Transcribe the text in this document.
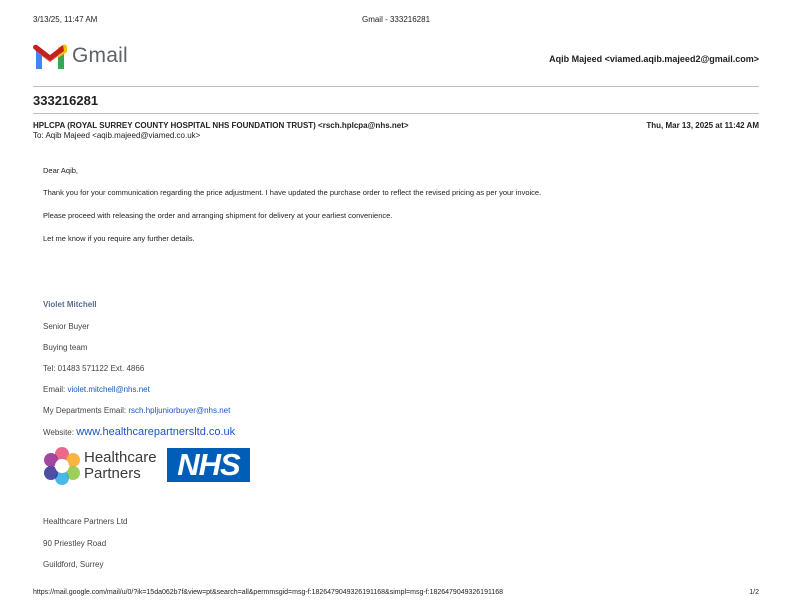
3/13/25, 11:47 AM	Gmail - 333216281
Gmail	Aqib Majeed <viamed.aqib.majeed2@gmail.com>
333216281
HPLCPA (ROYAL SURREY COUNTY HOSPITAL NHS FOUNDATION TRUST) <rsch.hplcpa@nhs.net>	Thu, Mar 13, 2025 at 11:42 AM
To: Aqib Majeed <aqib.majeed@viamed.co.uk>
Dear Aqib,
Thank you for your communication regarding the price adjustment. I have updated the purchase order to reflect the revised pricing as per your invoice.
Please proceed with releasing the order and arranging shipment for delivery at your earliest convenience.
Let me know if you require any further details.
Violet Mitchell
Senior Buyer
Buying team
Tel: 01483 571122 Ext. 4866
Email: violet.mitchell@nhs.net
My Departments Email: rsch.hpljuniorbuyer@nhs.net
Website: www.healthcarepartnersltd.co.uk
Healthcare
Partners	NHS
Healthcare Partners Ltd
90 Priestley Road
Guildford, Surrey
https://mail.google.com/mail/u/0/?ik=15da062b7f&view=pt&search=all&permmsgid=msg-f:1826479049326191168&simpl=msg-f:1826479049326191168	1/2
